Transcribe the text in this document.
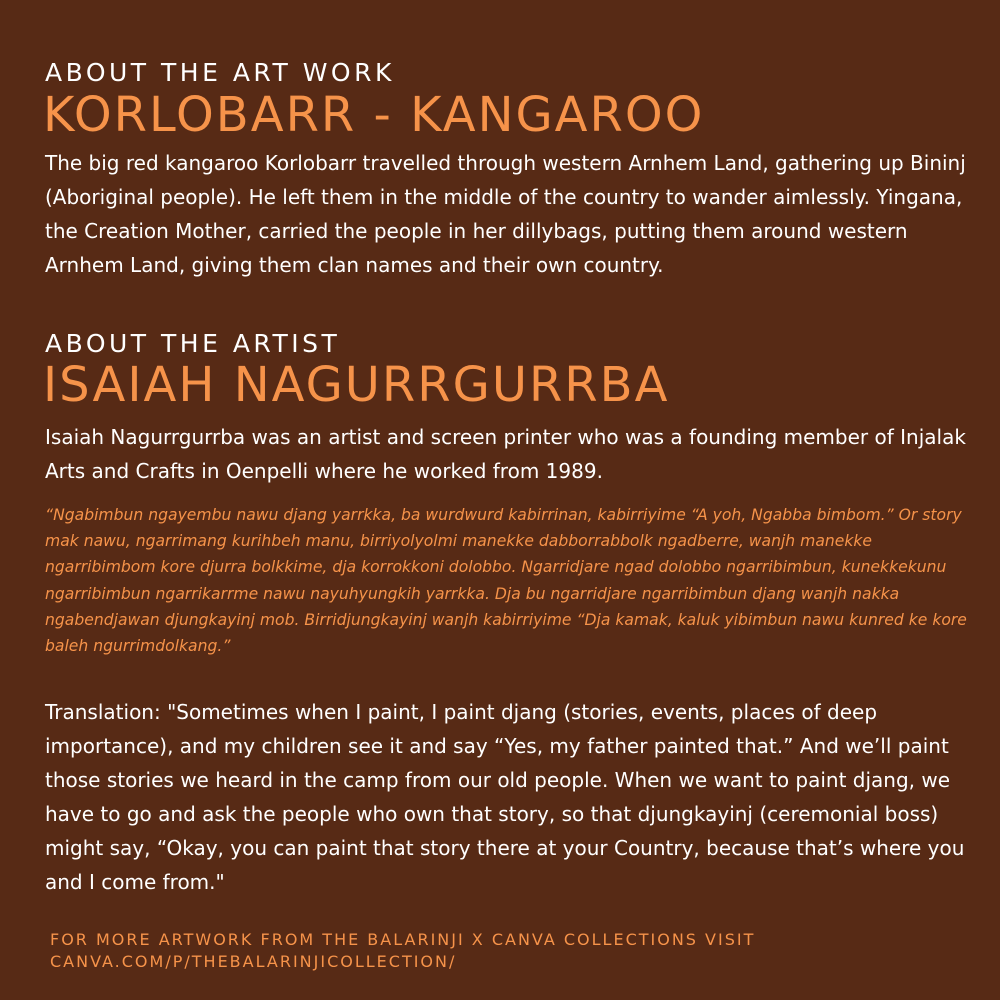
ABOUT THE ART WORK
KORLOBARR - KANGAROO

The big red kangaroo Korlobarr travelled through western Arnhem Land, gathering up Bininj (Aboriginal people). He left them in the middle of the country to wander aimlessly. Yingana, the Creation Mother, carried the people in her dillybags, putting them around western Arnhem Land, giving them clan names and their own country.

ABOUT THE ARTIST
ISAIAH NAGURRGURRBA

Isaiah Nagurrgurrba was an artist and screen printer who was a founding member of Injalak Arts and Crafts in Oenpelli where he worked from 1989.

“Ngabimbun ngayembu nawu djang yarrkka, ba wurdwurd kabirrinan, kabirriyime “A yoh, Ngabba bimbom.” Or story mak nawu, ngarrimang kurihbeh manu, birriyolyolmi manekke dabborrabbolk ngadberre, wanjh manekke ngarribimbom kore djurra bolkkime, dja korrokkoni dolobbo. Ngarridjare ngad dolobbo ngarribimbun, kunekkekunu ngarribimbun ngarrikarrme nawu nayuhyungkih yarrkka. Dja bu ngarridjare ngarribimbun djang wanjh nakka ngabendjawan djungkayinj mob. Birridjungkayinj wanjh kabirriyime “Dja kamak, kaluk yibimbun nawu kunred ke kore baleh ngurrimdolkang.”

Translation: "Sometimes when I paint, I paint djang (stories, events, places of deep importance), and my children see it and say “Yes, my father painted that.” And we’ll paint those stories we heard in the camp from our old people. When we want to paint djang, we have to go and ask the people who own that story, so that djungkayinj (ceremonial boss) might say, “Okay, you can paint that story there at your Country, because that’s where you and I come from."

FOR MORE ARTWORK FROM THE BALARINJI X CANVA COLLECTIONS VISIT
CANVA.COM/P/THEBALARINJICOLLECTION/
